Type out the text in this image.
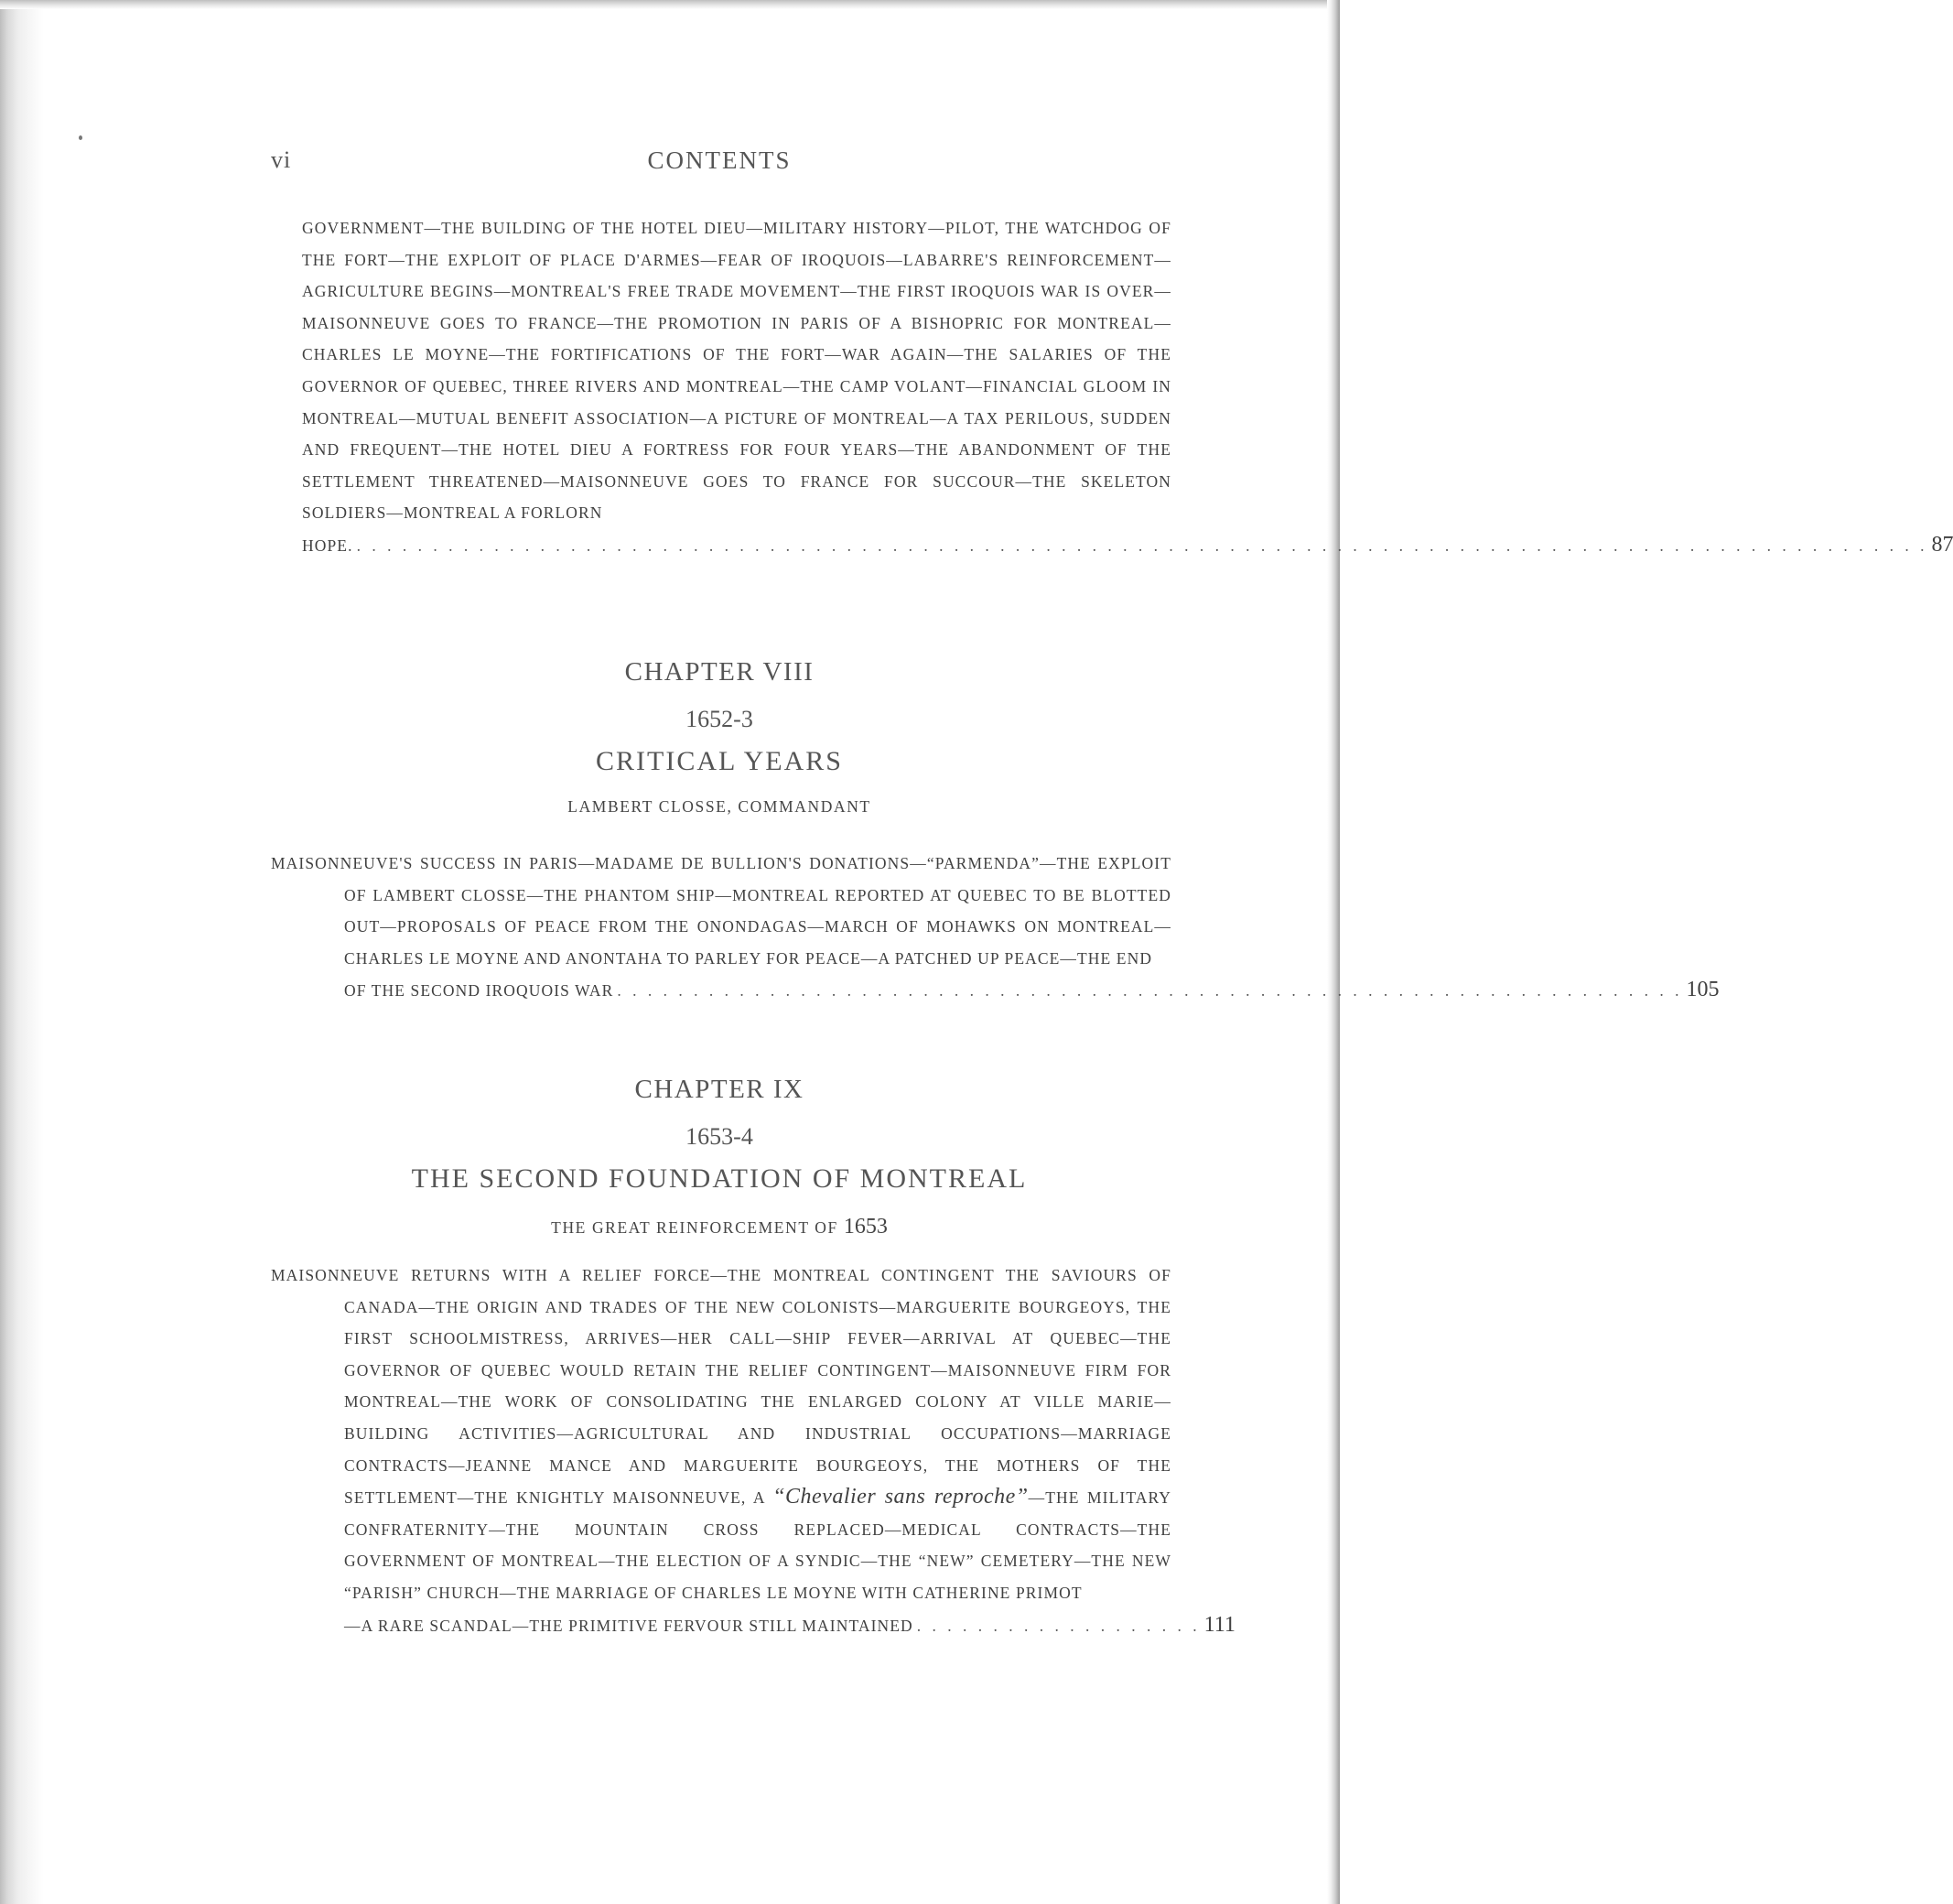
vi	CONTENTS

GOVERNMENT—THE BUILDING OF THE HOTEL DIEU—MILITARY HISTORY—PILOT, THE WATCHDOG OF THE FORT—THE EXPLOIT OF PLACE D'ARMES—FEAR OF IROQUOIS—LABARRE'S REINFORCEMENT—AGRICULTURE BEGINS—MONTREAL'S FREE TRADE MOVEMENT—THE FIRST IROQUOIS WAR IS OVER—MAISONNEUVE GOES TO FRANCE—THE PROMOTION IN PARIS OF A BISHOPRIC FOR MONTREAL—CHARLES LE MOYNE—THE FORTIFICATIONS OF THE FORT—WAR AGAIN—THE SALARIES OF THE GOVERNOR OF QUEBEC, THREE RIVERS AND MONTREAL—THE CAMP VOLANT—FINANCIAL GLOOM IN MONTREAL—MUTUAL BENEFIT ASSOCIATION—A PICTURE OF MONTREAL—A TAX PERILOUS, SUDDEN AND FREQUENT—THE HOTEL DIEU A FORTRESS FOR FOUR YEARS—THE ABANDONMENT OF THE SETTLEMENT THREATENED—MAISONNEUVE GOES TO FRANCE FOR SUCCOUR—THE SKELETON SOLDIERS—MONTREAL A FORLORN

HOPE. . . . . . . . . . . . . . . . . . . . . . . . . . . . . . . . . . . . . . . . . . . . . . . . . . . . . . . . . . . . . . . . . . . . . . . . . . . . . . . . . . . . . . . . . . . . . . . . . . . . . . . . 87

CHAPTER VIII
1652-3
CRITICAL YEARS
LAMBERT CLOSSE, COMMANDANT

MAISONNEUVE'S SUCCESS IN PARIS—MADAME DE BULLION'S DONATIONS—“PARMENDA”—THE EXPLOIT OF LAMBERT CLOSSE—THE PHANTOM SHIP—MONTREAL REPORTED AT QUEBEC TO BE BLOTTED OUT—PROPOSALS OF PEACE FROM THE ONONDAGAS—MARCH OF MOHAWKS ON MONTREAL—CHARLES LE MOYNE AND ANONTAHA TO PARLEY FOR PEACE—A PATCHED UP PEACE—THE END

OF THE SECOND IROQUOIS WAR . . . . . . . . . . . . . . . . . . . . . . . . . . . . . . . . . . . . . . . . . . . . . . . . . . . . . . . . . . . . . . . . . . . . . . 105

CHAPTER IX
1653-4
THE SECOND FOUNDATION OF MONTREAL
THE GREAT REINFORCEMENT OF 1653

MAISONNEUVE RETURNS WITH A RELIEF FORCE—THE MONTREAL CONTINGENT THE SAVIOURS OF CANADA—THE ORIGIN AND TRADES OF THE NEW COLONISTS—MARGUERITE BOURGEOYS, THE FIRST SCHOOLMISTRESS, ARRIVES—HER CALL—SHIP FEVER—ARRIVAL AT QUEBEC—THE GOVERNOR OF QUEBEC WOULD RETAIN THE RELIEF CONTINGENT—MAISONNEUVE FIRM FOR MONTREAL—THE WORK OF CONSOLIDATING THE ENLARGED COLONY AT VILLE MARIE—BUILDING ACTIVITIES—AGRICULTURAL AND INDUSTRIAL OCCUPATIONS—MARRIAGE CONTRACTS—JEANNE MANCE AND MARGUERITE BOURGEOYS, THE MOTHERS OF THE SETTLEMENT—THE KNIGHTLY MAISONNEUVE, A “Chevalier sans reproche”—THE MILITARY CONFRATERNITY—THE MOUNTAIN CROSS REPLACED—MEDICAL CONTRACTS—THE GOVERNMENT OF MONTREAL—THE ELECTION OF A SYNDIC—THE “NEW” CEMETERY—THE NEW “PARISH” CHURCH—THE MARRIAGE OF CHARLES LE MOYNE WITH CATHERINE PRIMOT

—A RARE SCANDAL—THE PRIMITIVE FERVOUR STILL MAINTAINED . . . . . . . . . . . . . . . . . . . 111
